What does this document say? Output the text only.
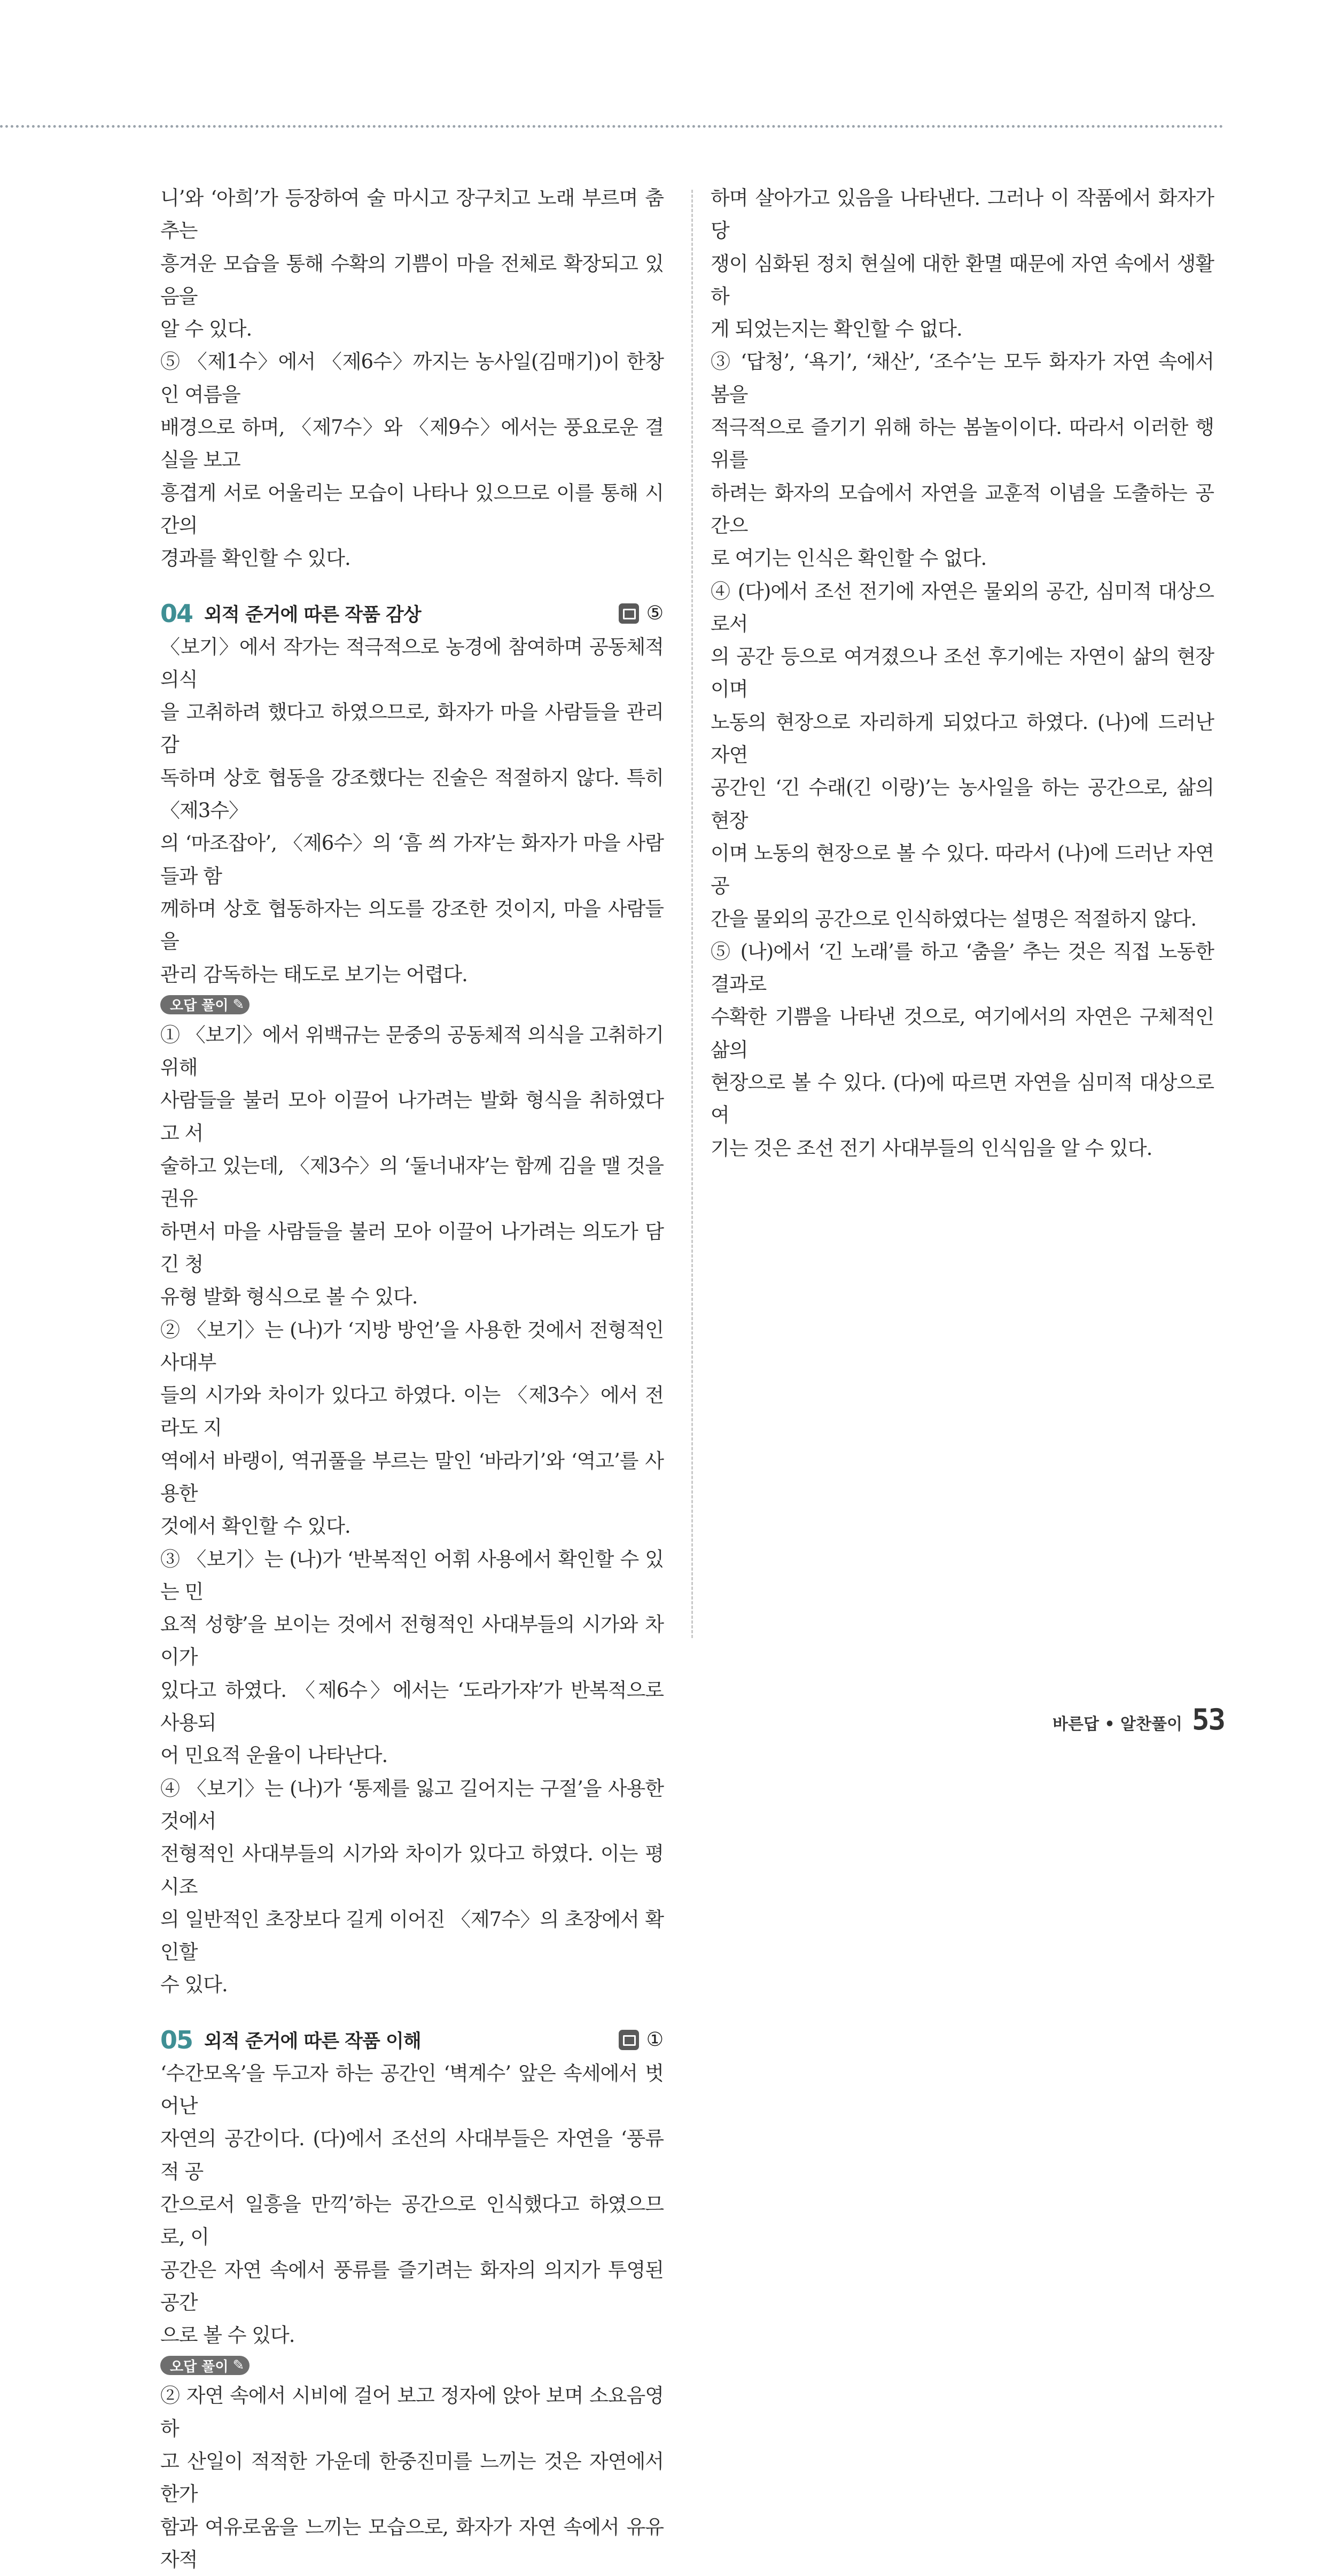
니’와 ‘아희’가 등장하여 술 마시고 장구치고 노래 부르며 춤추는

흥겨운 모습을 통해 수확의 기쁨이 마을 전체로 확장되고 있음을

알 수 있다.

⑤ 〈제1수〉에서 〈제6수〉까지는 농사일(김매기)이 한창인 여름을

배경으로 하며, 〈제7수〉와 〈제9수〉에서는 풍요로운 결실을 보고

흥겹게 서로 어울리는 모습이 나타나 있으므로 이를 통해 시간의

경과를 확인할 수 있다.

04 외적 준거에 따른 작품 감상	⑤

〈보기〉에서 작가는 적극적으로 농경에 참여하며 공동체적 의식

을 고취하려 했다고 하였으므로, 화자가 마을 사람들을 관리 감

독하며 상호 협동을 강조했다는 진술은 적절하지 않다. 특히 〈제3수〉

의 ‘마조잡아’, 〈제6수〉의 ‘흠 씌 가쟈’는 화자가 마을 사람들과 함

께하며 상호 협동하자는 의도를 강조한 것이지, 마을 사람들을

관리 감독하는 태도로 보기는 어렵다.

오답 풀이 ✎

① 〈보기〉에서 위백규는 문중의 공동체적 의식을 고취하기 위해

사람들을 불러 모아 이끌어 나가려는 발화 형식을 취하였다고 서

술하고 있는데, 〈제3수〉의 ‘둘너내쟈’는 함께 김을 맬 것을 권유

하면서 마을 사람들을 불러 모아 이끌어 나가려는 의도가 담긴 청

유형 발화 형식으로 볼 수 있다.

② 〈보기〉는 (나)가 ‘지방 방언’을 사용한 것에서 전형적인 사대부

들의 시가와 차이가 있다고 하였다. 이는 〈제3수〉에서 전라도 지

역에서 바랭이, 역귀풀을 부르는 말인 ‘바라기’와 ‘역고’를 사용한

것에서 확인할 수 있다.

③ 〈보기〉는 (나)가 ‘반복적인 어휘 사용에서 확인할 수 있는 민

요적 성향’을 보이는 것에서 전형적인 사대부들의 시가와 차이가

있다고 하였다. 〈제6수〉에서는 ‘도라가쟈’가 반복적으로 사용되

어 민요적 운율이 나타난다.

④ 〈보기〉는 (나)가 ‘통제를 잃고 길어지는 구절’을 사용한 것에서

전형적인 사대부들의 시가와 차이가 있다고 하였다. 이는 평시조

의 일반적인 초장보다 길게 이어진 〈제7수〉의 초장에서 확인할

수 있다.

05 외적 준거에 따른 작품 이해	①

‘수간모옥’을 두고자 하는 공간인 ‘벽계수’ 앞은 속세에서 벗어난

자연의 공간이다. (다)에서 조선의 사대부들은 자연을 ‘풍류적 공

간으로서 일흥을 만끽’하는 공간으로 인식했다고 하였으므로, 이

공간은 자연 속에서 풍류를 즐기려는 화자의 의지가 투영된 공간

으로 볼 수 있다.

오답 풀이 ✎

② 자연 속에서 시비에 걸어 보고 정자에 앉아 보며 소요음영하

고 산일이 적적한 가운데 한중진미를 느끼는 것은 자연에서 한가

함과 여유로움을 느끼는 모습으로, 화자가 자연 속에서 유유자적

하며 살아가고 있음을 나타낸다. 그러나 이 작품에서 화자가 당

쟁이 심화된 정치 현실에 대한 환멸 때문에 자연 속에서 생활하

게 되었는지는 확인할 수 없다.

③ ‘답청’, ‘욕기’, ‘채산’, ‘조수’는 모두 화자가 자연 속에서 봄을

적극적으로 즐기기 위해 하는 봄놀이이다. 따라서 이러한 행위를

하려는 화자의 모습에서 자연을 교훈적 이념을 도출하는 공간으

로 여기는 인식은 확인할 수 없다.

④ (다)에서 조선 전기에 자연은 물외의 공간, 심미적 대상으로서

의 공간 등으로 여겨졌으나 조선 후기에는 자연이 삶의 현장이며

노동의 현장으로 자리하게 되었다고 하였다. (나)에 드러난 자연

공간인 ‘긴 수래(긴 이랑)’는 농사일을 하는 공간으로, 삶의 현장

이며 노동의 현장으로 볼 수 있다. 따라서 (나)에 드러난 자연 공

간을 물외의 공간으로 인식하였다는 설명은 적절하지 않다.

⑤ (나)에서 ‘긴 노래’를 하고 ‘춤을’ 추는 것은 직접 노동한 결과로

수확한 기쁨을 나타낸 것으로, 여기에서의 자연은 구체적인 삶의

현장으로 볼 수 있다. (다)에 따르면 자연을 심미적 대상으로 여

기는 것은 조선 전기 사대부들의 인식임을 알 수 있다.

바른답 • 알찬풀이 53
